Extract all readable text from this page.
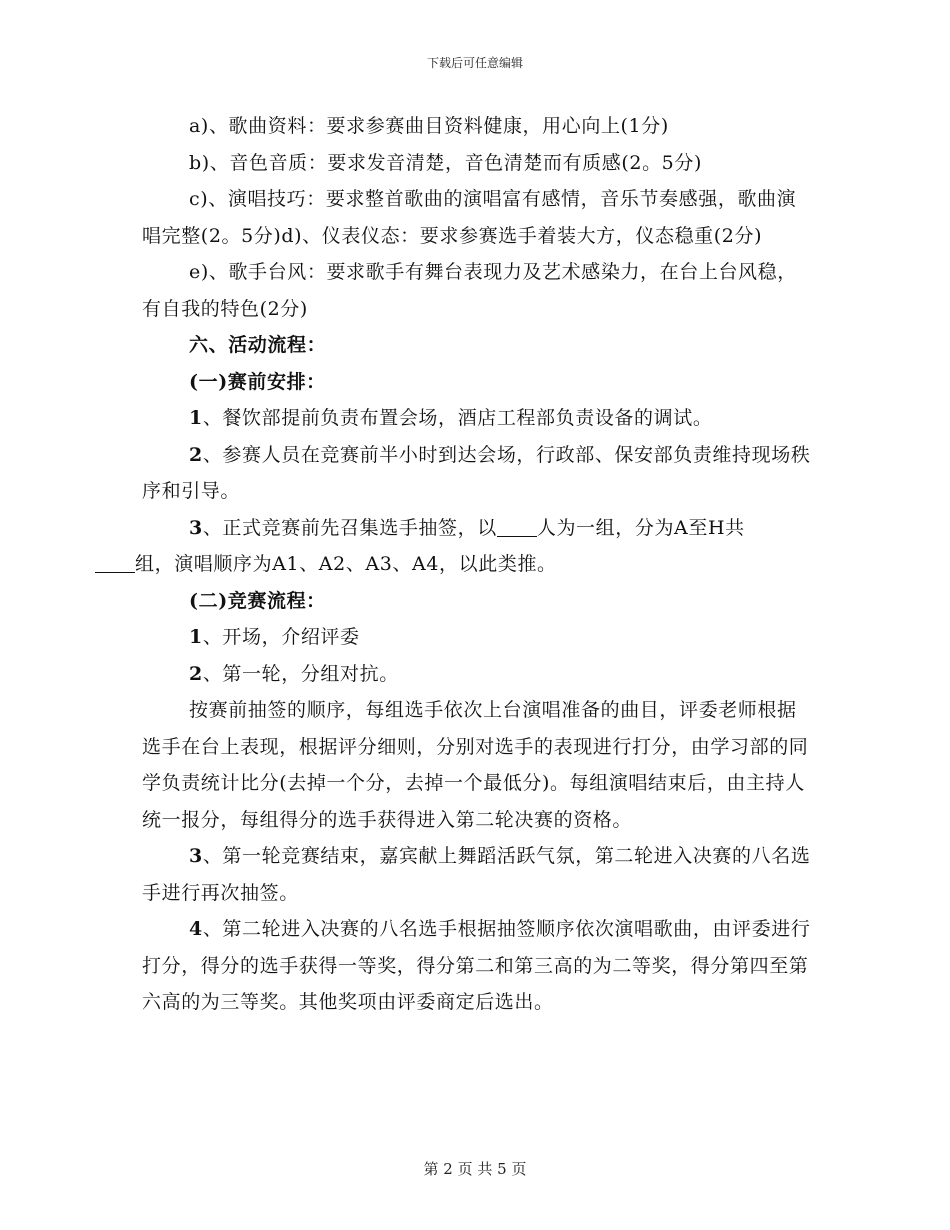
下载后可任意编辑

a)、歌曲资料：要求参赛曲目资料健康，用心向上(1分)

b)、音色音质：要求发音清楚，音色清楚而有质感(2。5分)

c)、演唱技巧：要求整首歌曲的演唱富有感情，音乐节奏感强，歌曲演唱完整(2。5分)d)、仪表仪态：要求参赛选手着装大方，仪态稳重(2分)

e)、歌手台风：要求歌手有舞台表现力及艺术感染力，在台上台风稳，有自我的特色(2分)

六、活动流程：

(一)赛前安排：

1、餐饮部提前负责布置会场，酒店工程部负责设备的调试。

2、参赛人员在竞赛前半小时到达会场，行政部、保安部负责维持现场秩序和引导。

3、正式竞赛前先召集选手抽签，以 人为一组，分为A至H共
组，演唱顺序为A1、A2、A3、A4，以此类推。

(二)竞赛流程：

1、开场，介绍评委

2、第一轮，分组对抗。

按赛前抽签的顺序，每组选手依次上台演唱准备的曲目，评委老师根据选手在台上表现，根据评分细则，分别对选手的表现进行打分，由学习部的同学负责统计比分(去掉一个分，去掉一个最低分)。每组演唱结束后，由主持人统一报分，每组得分的选手获得进入第二轮决赛的资格。

3、第一轮竞赛结束，嘉宾献上舞蹈活跃气氛，第二轮进入决赛的八名选手进行再次抽签。

4、第二轮进入决赛的八名选手根据抽签顺序依次演唱歌曲，由评委进行打分，得分的选手获得一等奖，得分第二和第三高的为二等奖，得分第四至第六高的为三等奖。其他奖项由评委商定后选出。

第 2 页 共 5 页
